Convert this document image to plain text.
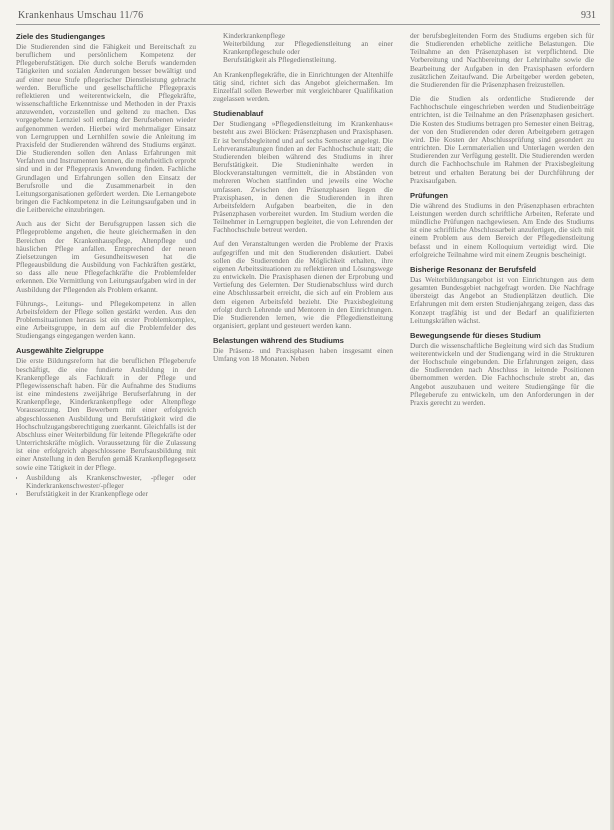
Krankenhaus Umschau 11/76	931
Ziele des Studienganges

Die Studierenden sind die Fähigkeit und Bereitschaft zu beruflichem und persönlichem Kompetenz der Pflegeberufstätigen. Die durch solche Berufs wandernden Tätigkeiten und sozialen Änderungen besser bewältigt und auf einer neue Stufe pflegerischer Dienstleistung gebracht werden. Berufliche und gesellschaftliche Pflegepraxis reflektieren und weiterentwickeln, die Pflegekräfte, wissenschaftliche Erkenntnisse und Methoden in der Praxis anzuwenden, vorzustellen und geltend zu machen. Das vorgegebene Lernziel soll entlang der Berufsebenen wieder aufgenommen werden. Hierbei wird mehrmaliger Einsatz von Lerngruppen und Lernhilfen sowie die Anleitung im Praxisfeld der Studierenden während des Studiums ergänzt. Die Studierenden sollen den Anlass Erfahrungen mit Verfahren und Instrumenten kennen, die mehrheitlich erprobt sind und in der Pflegepraxis Anwendung finden. Fachliche Grundlagen und Erfahrungen sollen den Einsatz der Berufsrolle und die Zusammenarbeit in den Leitungsorganisationen gefördert werden. Die Lernangebote bringen die Fachkompetenz in die Leitungsaufgaben und in die Leitbereiche einzubringen.

Auch aus der Sicht der Berufsgruppen lassen sich die Pflegeprobleme angehen, die heute gleichermaßen in den Bereichen der Krankenhauspflege, Altenpflege und häuslichen Pflege anfallen. Entsprechend der neuen Zielsetzungen im Gesundheitswesen hat die Pflegeausbildung die Ausbildung von Fachkräften gestärkt, so dass alle neue Pflegefachkräfte die Problemfelder erkennen. Die Vermittlung von Leitungsaufgaben wird in der Ausbildung der Pflegenden als Problem erkannt.

Führungs-, Leitungs- und Pflegekompetenz in allen Arbeitsfeldern der Pflege sollen gestärkt werden. Aus den Problemsituationen heraus ist ein erster Problemkomplex, eine Arbeitsgruppe, in dem auf die Problemfelder des Studiengangs eingegangen werden kann.

Ausgewählte Zielgruppe

Die erste Bildungsreform hat die beruflichen Pflegeberufe beschäftigt, die eine fundierte Ausbildung in der Krankenpflege als Fachkraft in der Pflege und Pflegewissenschaft haben. Für die Aufnahme des Studiums ist eine mindestens zweijährige Berufserfahrung in der Krankenpflege, Kinderkrankenpflege oder Altenpflege Voraussetzung. Den Bewerbern mit einer erfolgreich abgeschlossenen Ausbildung und Berufstätigkeit wird die Hochschulzugangsberechtigung zuerkannt. Gleichfalls ist der Abschluss einer Weiterbildung für leitende Pflegekräfte oder Unterrichtskräfte möglich. Voraussetzung für die Zulassung ist eine erfolgreich abgeschlossene Berufsausbildung mit einer Anstellung in den Berufen gemäß Krankenpflegegesetz sowie eine Tätigkeit in der Pflege.

• Ausbildung als Krankenschwester, -pfleger oder Kinderkrankenschwester/-pfleger
• Berufstätigkeit in der Krankenpflege oder

Kinderkrankenpflege
Weiterbildung zur Pflegedienstleitung an einer Krankenpflegeschule oder
Berufstätigkeit als Pflegedienstleitung.

An Krankenpflegekräfte, die in Einrichtungen der Altenhilfe tätig sind, richtet sich das Angebot gleichermaßen. Im Einzelfall sollen Bewerber mit vergleichbarer Qualifikation zugelassen werden.

Studienablauf

Der Studiengang »Pflegedienstleitung im Krankenhaus« besteht aus zwei Blöcken: Präsenzphasen und Praxisphasen. Er ist berufsbegleitend und auf sechs Semester angelegt. Die Lehrveranstaltungen finden an der Fachhochschule statt; die Studierenden bleiben während des Studiums in ihrer Berufstätigkeit. Die Studieninhalte werden in Blockveranstaltungen vermittelt, die in Abständen von mehreren Wochen stattfinden und jeweils eine Woche umfassen. Zwischen den Präsenzphasen liegen die Praxisphasen, in denen die Studierenden in ihren Arbeitsfeldern Aufgaben bearbeiten, die in den Präsenzphasen vorbereitet wurden. Im Studium werden die Teilnehmer in Lerngruppen begleitet, die von Lehrenden der Fachhochschule betreut werden.

Auf den Veranstaltungen werden die Probleme der Praxis aufgegriffen und mit den Studierenden diskutiert. Dabei sollen die Studierenden die Möglichkeit erhalten, ihre eigenen Arbeitssituationen zu reflektieren und Lösungswege zu entwickeln. Die Praxisphasen dienen der Erprobung und Vertiefung des Gelernten. Der Studienabschluss wird durch eine Abschlussarbeit erreicht, die sich auf ein Problem aus dem eigenen Arbeitsfeld bezieht. Die Praxisbegleitung erfolgt durch Lehrende und Mentoren in den Einrichtungen. Die Studierenden lernen, wie die Pflegedienstleitung organisiert, geplant und gesteuert werden kann.

Belastungen während des Studiums

Die Präsenz- und Praxisphasen haben insgesamt einen Umfang von 18 Monaten. Neben

der berufsbegleitenden Form des Studiums ergeben sich für die Studierenden erhebliche zeitliche Belastungen. Die Teilnahme an den Präsenzphasen ist verpflichtend. Die Vorbereitung und Nachbereitung der Lehrinhalte sowie die Bearbeitung der Aufgaben in den Praxisphasen erfordern zusätzlichen Zeitaufwand. Die Arbeitgeber werden gebeten, die Studierenden für die Präsenzphasen freizustellen.

Die die Studien als ordentliche Studierende der Fachhochschule eingeschrieben werden und Studienbeiträge entrichten, ist die Teilnahme an den Präsenzphasen gesichert. Die Kosten des Studiums betragen pro Semester einen Beitrag, der von den Studierenden oder deren Arbeitgebern getragen wird. Die Kosten der Abschlussprüfung sind gesondert zu entrichten. Die Lernmaterialien und Unterlagen werden den Studierenden zur Verfügung gestellt. Die Studierenden werden durch die Fachhochschule im Rahmen der Praxisbegleitung betreut und erhalten Beratung bei der Durchführung der Praxisaufgaben.

Prüfungen

Die während des Studiums in den Präsenzphasen erbrachten Leistungen werden durch schriftliche Arbeiten, Referate und mündliche Prüfungen nachgewiesen. Am Ende des Studiums ist eine schriftliche Abschlussarbeit anzufertigen, die sich mit einem Problem aus dem Bereich der Pflegedienstleitung befasst und in einem Kolloquium verteidigt wird. Die erfolgreiche Teilnahme wird mit einem Zeugnis bescheinigt.

Bisherige Resonanz der Berufsfeld

Das Weiterbildungsangebot ist von Einrichtungen aus dem gesamten Bundesgebiet nachgefragt worden. Die Nachfrage übersteigt das Angebot an Studienplätzen deutlich. Die Erfahrungen mit dem ersten Studienjahrgang zeigen, dass das Konzept tragfähig ist und der Bedarf an qualifizierten Leitungskräften wächst.

Bewegungsende für dieses Studium

Durch die wissenschaftliche Begleitung wird sich das Studium weiterentwickeln und der Studiengang wird in die Strukturen der Hochschule eingebunden. Die Erfahrungen zeigen, dass die Studierenden nach Abschluss in leitende Positionen übernommen werden. Die Fachhochschule strebt an, das Angebot auszubauen und weitere Studiengänge für die Pflegeberufe zu entwickeln, um den Anforderungen in der Praxis gerecht zu werden.
